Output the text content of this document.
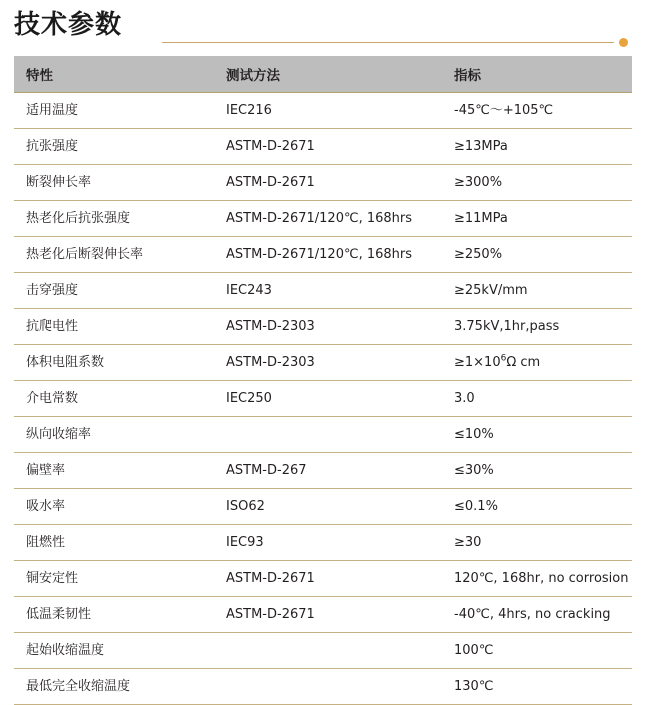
技术参数
特性	测试方法	指标
适用温度	IEC216	-45℃～+105℃
抗张强度	ASTM-D-2671	≥13MPa
断裂伸长率	ASTM-D-2671	≥300%
热老化后抗张强度	ASTM-D-2671/120℃, 168hrs	≥11MPa
热老化后断裂伸长率	ASTM-D-2671/120℃, 168hrs	≥250%
击穿强度	IEC243	≥25kV/mm
抗爬电性	ASTM-D-2303	3.75kV,1hr,pass
体积电阻系数	ASTM-D-2303	$\ge 1\times 10^6\Omega$ cm
介电常数	IEC250	3.0
纵向收缩率		≤10%
偏壁率	ASTM-D-267	≤30%
吸水率	ISO62	≤0.1%
阻燃性	IEC93	≥30
铜安定性	ASTM-D-2671	120℃, 168hr, no corrosion
低温柔韧性	ASTM-D-2671	-40℃, 4hrs, no cracking
起始收缩温度		100℃
最低完全收缩温度		130℃
